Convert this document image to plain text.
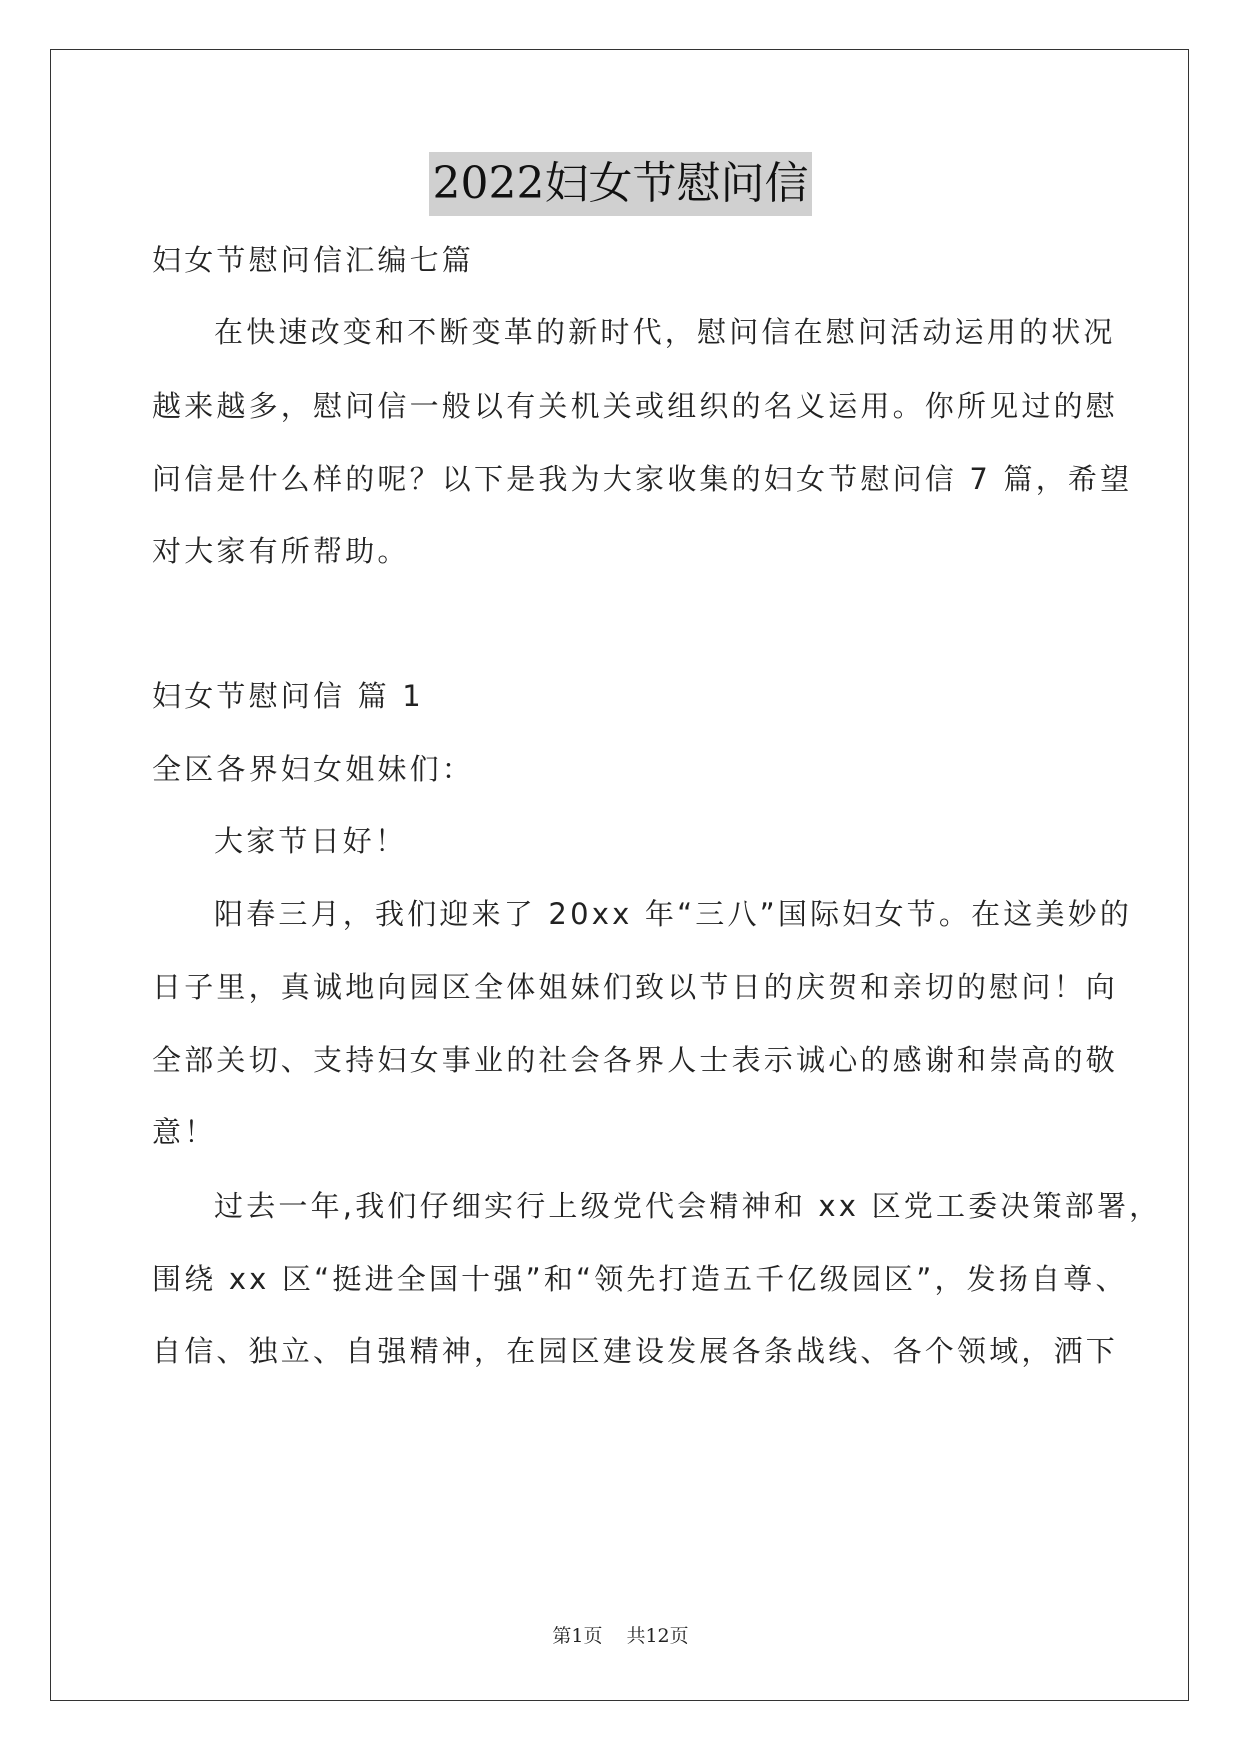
2022妇女节慰问信
妇女节慰问信汇编七篇
在快速改变和不断变革的新时代，慰问信在慰问活动运用的状况
越来越多，慰问信一般以有关机关或组织的名义运用。你所见过的慰
问信是什么样的呢？以下是我为大家收集的妇女节慰问信 7 篇，希望
对大家有所帮助。
妇女节慰问信 篇 1
全区各界妇女姐妹们：
大家节日好！
阳春三月，我们迎来了 20xx 年“三八”国际妇女节。在这美妙的
日子里，真诚地向园区全体姐妹们致以节日的庆贺和亲切的慰问！向
全部关切、支持妇女事业的社会各界人士表示诚心的感谢和崇高的敬
意！
过去一年,我们仔细实行上级党代会精神和 xx 区党工委决策部署，
围绕 xx 区“挺进全国十强”和“领先打造五千亿级园区”，发扬自尊、
自信、独立、自强精神，在园区建设发展各条战线、各个领域，洒下
第1页 共12页
